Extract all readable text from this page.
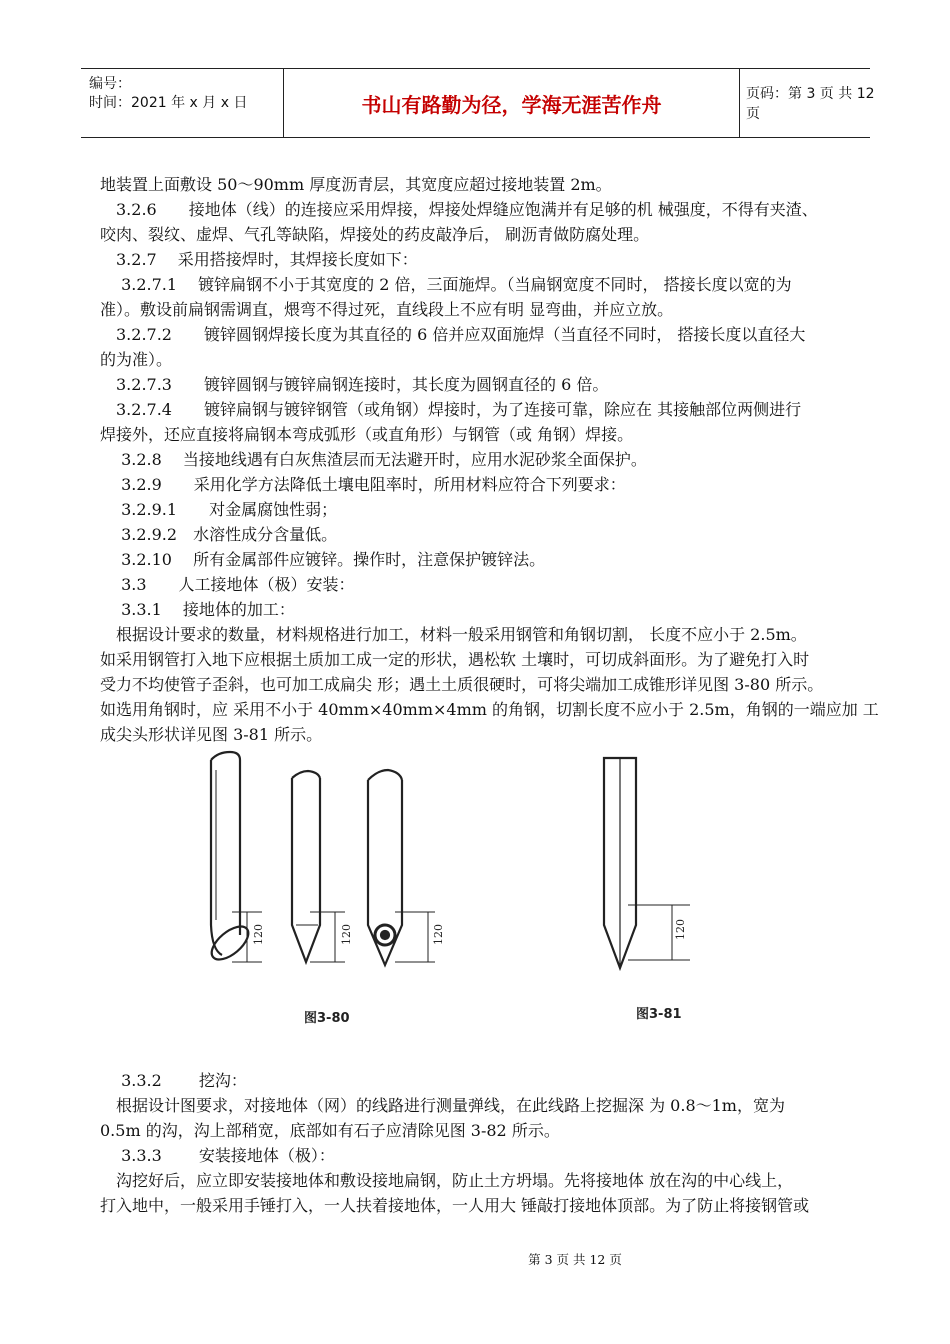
编号：
时间：2021 年 x 月 x 日	书山有路勤为径，学海无涯苦作舟	页码：第 3 页 共 12 页
地装置上面敷设 50～90mm 厚度沥青层，其宽度应超过接地装置 2m。
　3.2.6　　接地体（线）的连接应采用焊接，焊接处焊缝应饱满并有足够的机 械强度，不得有夹渣、
咬肉、裂纹、虚焊、气孔等缺陷，焊接处的药皮敲净后， 刷沥青做防腐处理。
　3.2.7　 采用搭接焊时，其焊接长度如下：
　 3.2.7.1　 镀锌扁钢不小于其宽度的 2 倍，三面施焊。（当扁钢宽度不同时， 搭接长度以宽的为
准）。敷设前扁钢需调直，煨弯不得过死，直线段上不应有明 显弯曲，并应立放。
　3.2.7.2　　镀锌圆钢焊接长度为其直径的 6 倍并应双面施焊（当直径不同时， 搭接长度以直径大
的为准）。
　3.2.7.3　　镀锌圆钢与镀锌扁钢连接时，其长度为圆钢直径的 6 倍。
　3.2.7.4　　镀锌扁钢与镀锌钢管（或角钢）焊接时，为了连接可靠，除应在 其接触部位两侧进行
焊接外，还应直接将扁钢本弯成弧形（或直角形）与钢管（或 角钢）焊接。
　 3.2.8　 当接地线遇有白灰焦渣层而无法避开时，应用水泥砂浆全面保护。
　 3.2.9　　采用化学方法降低土壤电阻率时，所用材料应符合下列要求：
　 3.2.9.1　　对金属腐蚀性弱；
　 3.2.9.2　水溶性成分含量低。
　 3.2.10　 所有金属部件应镀锌。操作时，注意保护镀锌法。
　 3.3　　人工接地体（极）安装：
　 3.3.1　 接地体的加工：
　根据设计要求的数量，材料规格进行加工，材料一般采用钢管和角钢切割， 长度不应小于 2.5m。
如采用钢管打入地下应根据土质加工成一定的形状，遇松软 土壤时，可切成斜面形。为了避免打入时
受力不均使管子歪斜，也可加工成扁尖 形；遇土土质很硬时，可将尖端加工成锥形详见图 3-80 所示。
如选用角钢时，应 采用不小于 40mm×40mm×4mm 的角钢，切割长度不应小于 2.5m，角钢的一端应加 工
成尖头形状详见图 3-81 所示。
120	120	120	120
图3-80	图3-81
　 3.3.2　　 挖沟：
　根据设计图要求，对接地体（网）的线路进行测量弹线，在此线路上挖掘深 为 0.8～1m，宽为
0.5m 的沟，沟上部稍宽，底部如有石子应清除见图 3-82 所示。
　 3.3.3　　 安装接地体（极）：
　沟挖好后，应立即安装接地体和敷设接地扁钢，防止土方坍塌。先将接地体 放在沟的中心线上，
打入地中，一般采用手锤打入，一人扶着接地体，一人用大 锤敲打接地体顶部。为了防止将接钢管或
第 3 页 共 12 页
